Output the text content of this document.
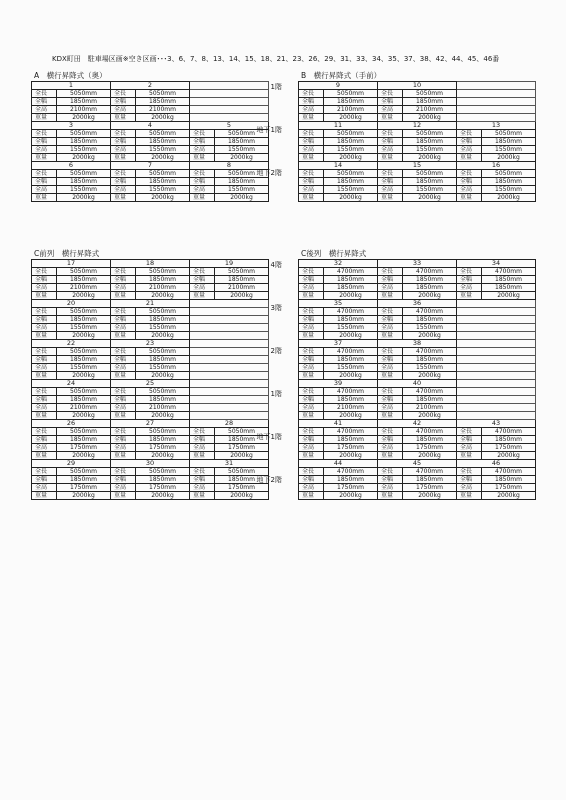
KDX町田　駐車場区画※空き区画･･･3、6、7、8、13、14、15、18、21、23、26、29、31、33、34、35、37、38、42、44、45、46番
A　横行昇降式（奥）
1		2			
全長	5050mm	全長	5050mm		
全幅	1850mm	全幅	1850mm		
全高	2100mm	全高	2100mm		
重量	2000kg	重量	2000kg		
3		4		5	
全長	5050mm	全長	5050mm	全長	5050mm
全幅	1850mm	全幅	1850mm	全幅	1850mm
全高	1550mm	全高	1550mm	全高	1550mm
重量	2000kg	重量	2000kg	重量	2000kg
6		7		8	
全長	5050mm	全長	5050mm	全長	5050mm
全幅	1850mm	全幅	1850mm	全幅	1850mm
全高	1550mm	全高	1550mm	全高	1550mm
重量	2000kg	重量	2000kg	重量	2000kg
B　横行昇降式（手前）
1階
地下1階
地下2階
9		10			
全長	5050mm	全長	5050mm		
全幅	1850mm	全幅	1850mm		
全高	2100mm	全高	2100mm		
重量	2000kg	重量	2000kg		
11		12		13	
全長	5050mm	全長	5050mm	全長	5050mm
全幅	1850mm	全幅	1850mm	全幅	1850mm
全高	1550mm	全高	1550mm	全高	1550mm
重量	2000kg	重量	2000kg	重量	2000kg
14		15		16	
全長	5050mm	全長	5050mm	全長	5050mm
全幅	1850mm	全幅	1850mm	全幅	1850mm
全高	1550mm	全高	1550mm	全高	1550mm
重量	2000kg	重量	2000kg	重量	2000kg
C前列　横行昇降式
17		18		19	
全長	5050mm	全長	5050mm	全長	5050mm
全幅	1850mm	全幅	1850mm	全幅	1850mm
全高	2100mm	全高	2100mm	全高	2100mm
重量	2000kg	重量	2000kg	重量	2000kg
20		21			
全長	5050mm	全長	5050mm		
全幅	1850mm	全幅	1850mm		
全高	1550mm	全高	1550mm		
重量	2000kg	重量	2000kg		
22		23			
全長	5050mm	全長	5050mm		
全幅	1850mm	全幅	1850mm		
全高	1550mm	全高	1550mm		
重量	2000kg	重量	2000kg		
24		25			
全長	5050mm	全長	5050mm		
全幅	1850mm	全幅	1850mm		
全高	2100mm	全高	2100mm		
重量	2000kg	重量	2000kg		
26		27		28	
全長	5050mm	全長	5050mm	全長	5050mm
全幅	1850mm	全幅	1850mm	全幅	1850mm
全高	1750mm	全高	1750mm	全高	1750mm
重量	2000kg	重量	2000kg	重量	2000kg
29		30		31	
全長	5050mm	全長	5050mm	全長	5050mm
全幅	1850mm	全幅	1850mm	全幅	1850mm
全高	1750mm	全高	1750mm	全高	1750mm
重量	2000kg	重量	2000kg	重量	2000kg
C後列　横行昇降式
4階
3階
2階
1階
地下1階
地下2階
32		33		34	
全長	4700mm	全長	4700mm	全長	4700mm
全幅	1850mm	全幅	1850mm	全幅	1850mm
全高	1850mm	全高	1850mm	全高	1850mm
重量	2000kg	重量	2000kg	重量	2000kg
35		36			
全長	4700mm	全長	4700mm		
全幅	1850mm	全幅	1850mm		
全高	1550mm	全高	1550mm		
重量	2000kg	重量	2000kg		
37		38			
全長	4700mm	全長	4700mm		
全幅	1850mm	全幅	1850mm		
全高	1550mm	全高	1550mm		
重量	2000kg	重量	2000kg		
39		40			
全長	4700mm	全長	4700mm		
全幅	1850mm	全幅	1850mm		
全高	2100mm	全高	2100mm		
重量	2000kg	重量	2000kg		
41		42		43	
全長	4700mm	全長	4700mm	全長	4700mm
全幅	1850mm	全幅	1850mm	全幅	1850mm
全高	1750mm	全高	1750mm	全高	1750mm
重量	2000kg	重量	2000kg	重量	2000kg
44		45		46	
全長	4700mm	全長	4700mm	全長	4700mm
全幅	1850mm	全幅	1850mm	全幅	1850mm
全高	1750mm	全高	1750mm	全高	1750mm
重量	2000kg	重量	2000kg	重量	2000kg
